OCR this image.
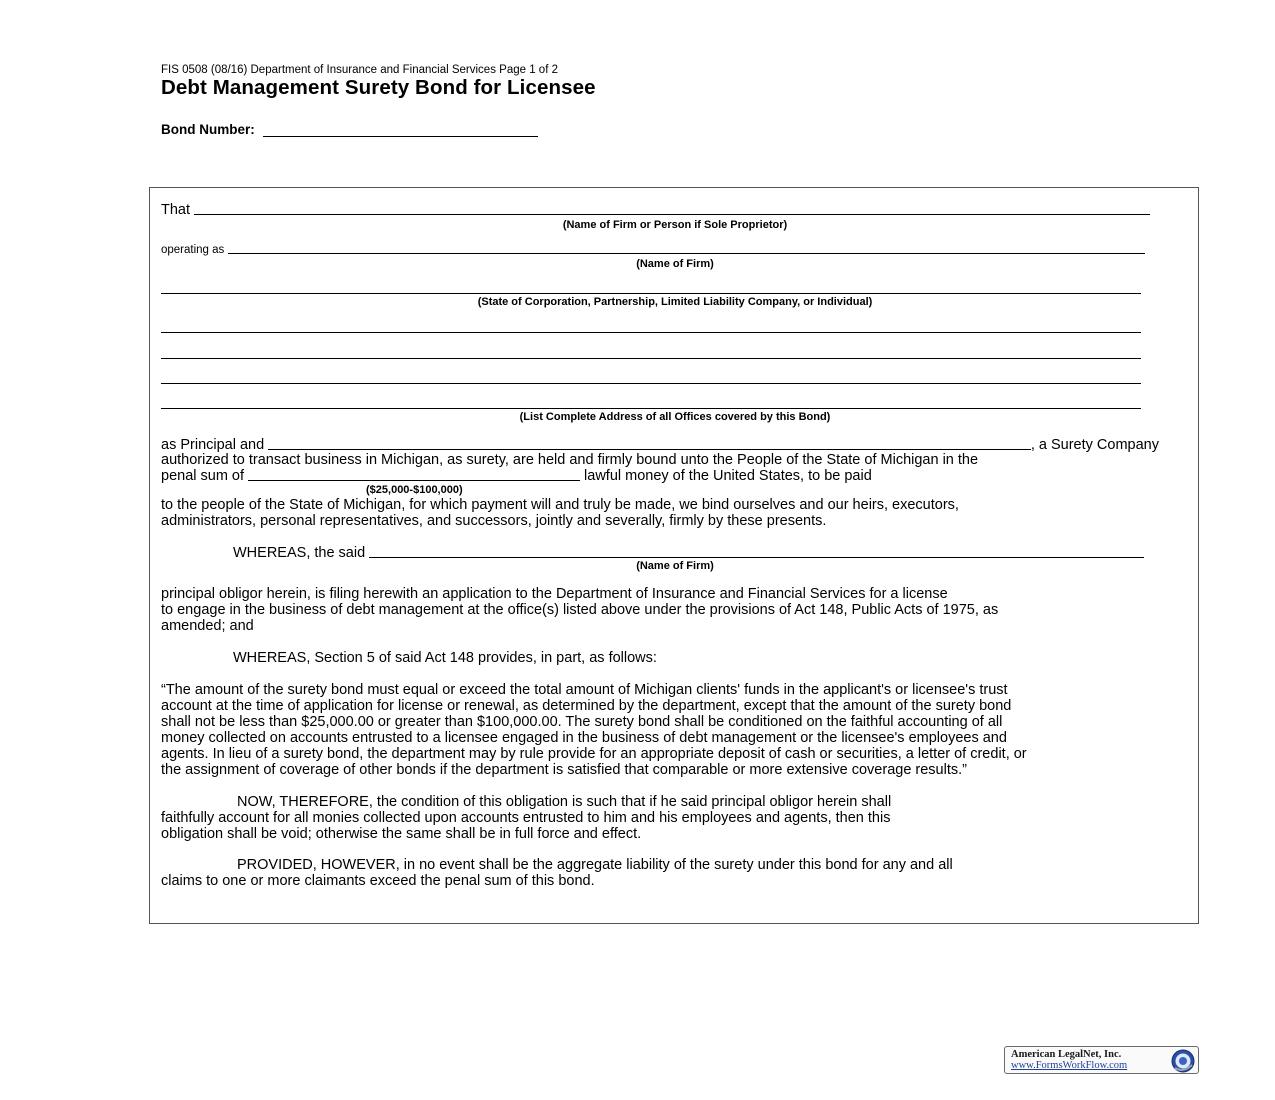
FIS 0508 (08/16) Department of Insurance and Financial Services Page 1 of 2
Debt Management Surety Bond for Licensee
Bond Number:
That
(Name of Firm or Person if Sole Proprietor)
operating as
(Name of Firm)
(State of Corporation, Partnership, Limited Liability Company, or Individual)
(List Complete Address of all Offices covered by this Bond)
as Principal and	, a Surety Company
authorized to transact business in Michigan, as surety, are held and firmly bound unto the People of the State of Michigan in the
penal sum of	lawful money of the United States, to be paid
($25,000-$100,000)
to the people of the State of Michigan, for which payment will and truly be made, we bind ourselves and our heirs, executors,
administrators, personal representatives, and successors, jointly and severally, firmly by these presents.
WHEREAS, the said
(Name of Firm)
principal obligor herein, is filing herewith an application to the Department of Insurance and Financial Services for a license
to engage in the business of debt management at the office(s) listed above under the provisions of Act 148, Public Acts of 1975, as
amended; and
WHEREAS, Section 5 of said Act 148 provides, in part, as follows:
“The amount of the surety bond must equal or exceed the total amount of Michigan clients' funds in the applicant's or licensee's trust
account at the time of application for license or renewal, as determined by the department, except that the amount of the surety bond
shall not be less than $25,000.00 or greater than $100,000.00. The surety bond shall be conditioned on the faithful accounting of all
money collected on accounts entrusted to a licensee engaged in the business of debt management or the licensee's employees and
agents. In lieu of a surety bond, the department may by rule provide for an appropriate deposit of cash or securities, a letter of credit, or
the assignment of coverage of other bonds if the department is satisfied that comparable or more extensive coverage results.”
NOW, THEREFORE, the condition of this obligation is such that if he said principal obligor herein shall
faithfully account for all monies collected upon accounts entrusted to him and his employees and agents, then this
obligation shall be void; otherwise the same shall be in full force and effect.
PROVIDED, HOWEVER, in no event shall be the aggregate liability of the surety under this bond for any and all
claims to one or more claimants exceed the penal sum of this bond.
American LegalNet, Inc.
www.FormsWorkFlow.com
